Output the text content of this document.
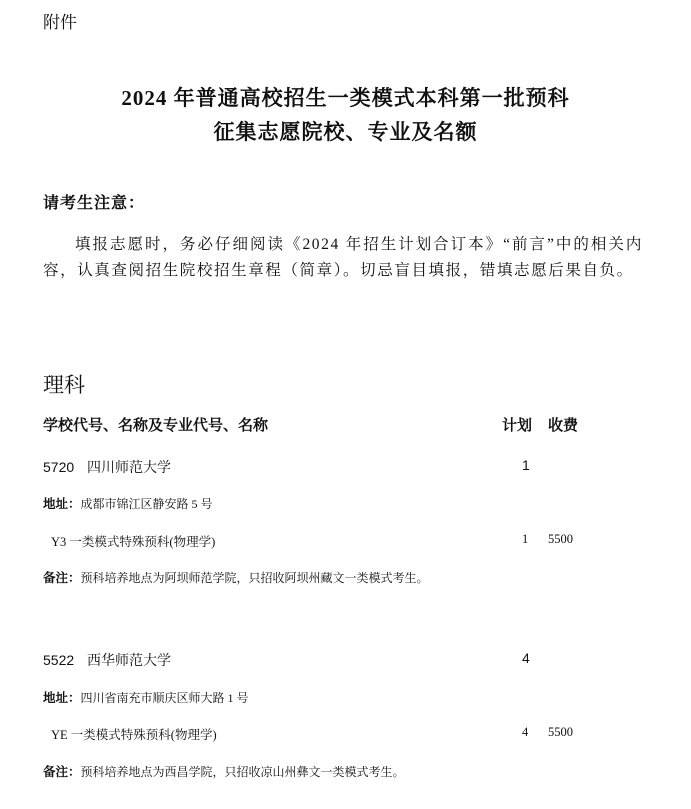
附件
2024 年普通高校招生一类模式本科第一批预科
征集志愿院校、专业及名额
请考生注意：
填报志愿时，务必仔细阅读《2024 年招生计划合订本》“前言”中的相关内容，认真查阅招生院校招生章程（简章）。切忌盲目填报，错填志愿后果自负。
理科
学校代号、名称及专业代号、名称	计划 收费
5720 四川师范大学	1
地址：成都市锦江区静安路 5 号
Y3 一类模式特殊预科(物理学)	1 5500
备注：预科培养地点为阿坝师范学院，只招收阿坝州藏文一类模式考生。
5522 西华师范大学	4
地址：四川省南充市顺庆区师大路 1 号
YE 一类模式特殊预科(物理学)	4 5500
备注：预科培养地点为西昌学院，只招收凉山州彝文一类模式考生。
